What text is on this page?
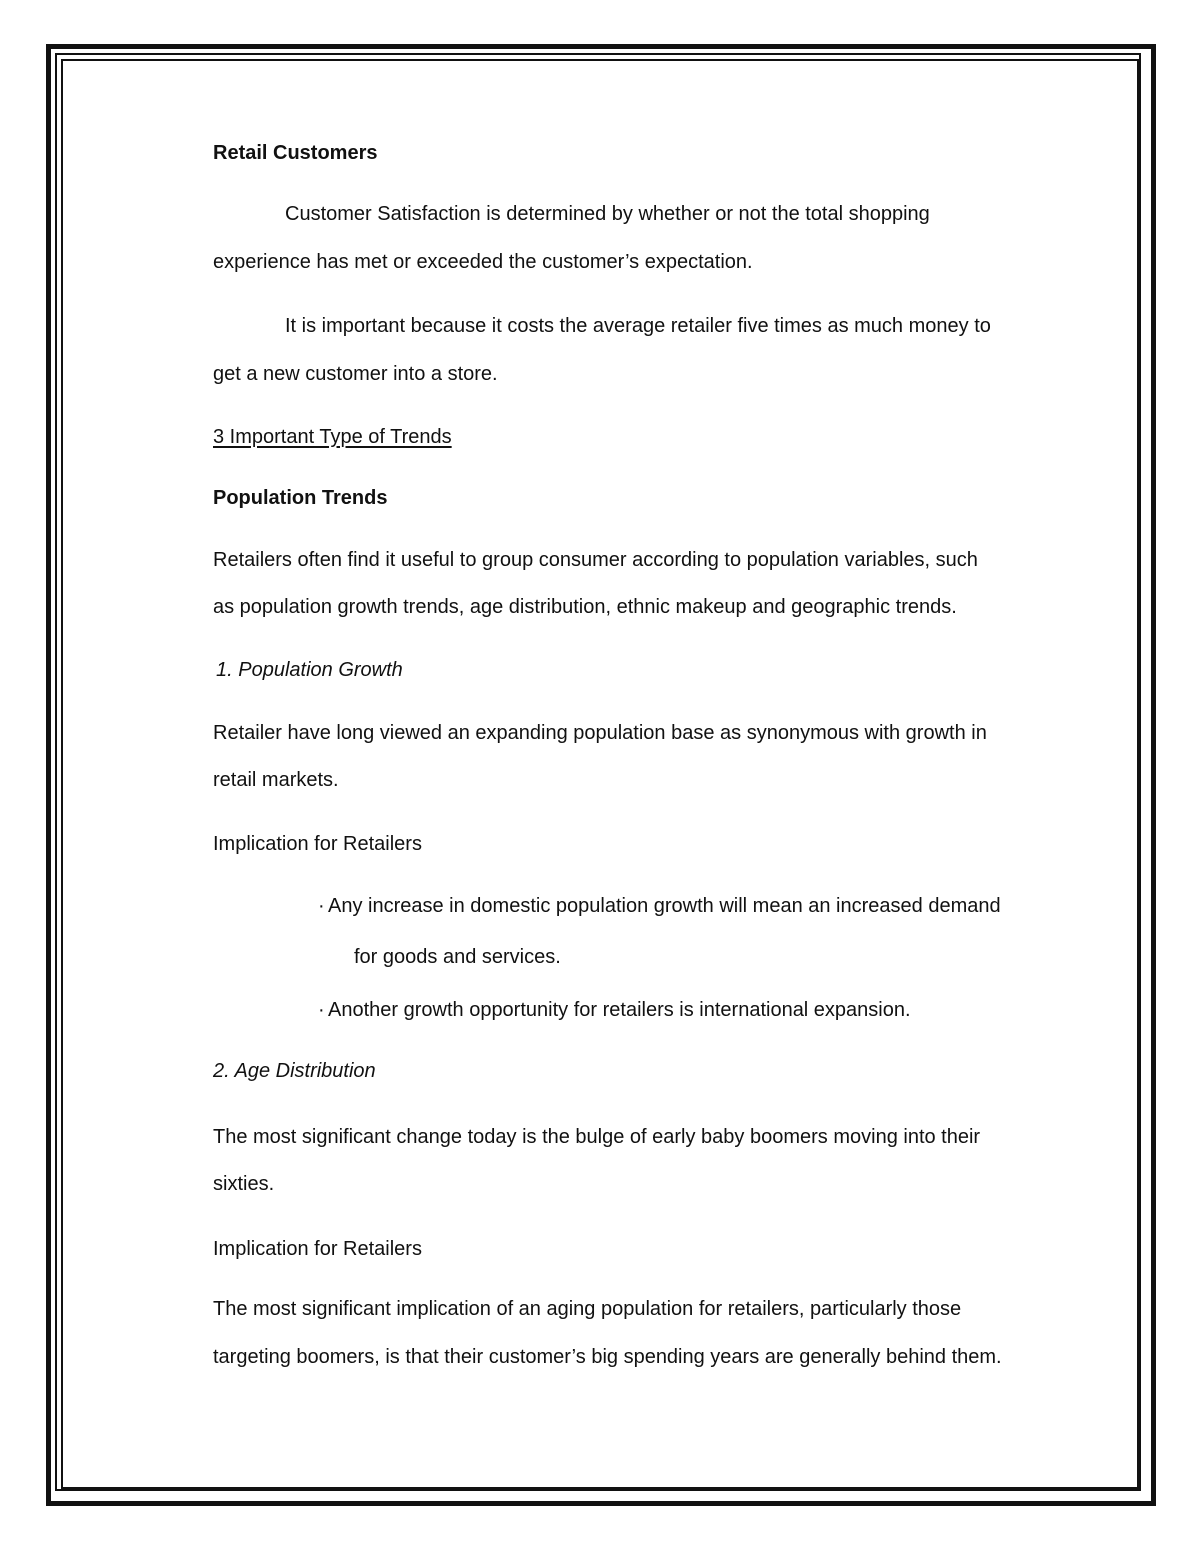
Retail Customers

Customer Satisfaction is determined by whether or not the total shopping

experience has met or exceeded the customer’s expectation.

It is important because it costs the average retailer five times as much money to

get a new customer into a store.

3 Important Type of Trends

Population Trends

Retailers often find it useful to group consumer according to population variables, such

as population growth trends, age distribution, ethnic makeup and geographic trends.

1. Population Growth

Retailer have long viewed an expanding population base as synonymous with growth in

retail markets.

Implication for Retailers

· Any increase in domestic population growth will mean an increased demand

for goods and services.

· Another growth opportunity for retailers is international expansion.

2. Age Distribution

The most significant change today is the bulge of early baby boomers moving into their

sixties.

Implication for Retailers

The most significant implication of an aging population for retailers, particularly those

targeting boomers, is that their customer’s big spending years are generally behind them.
